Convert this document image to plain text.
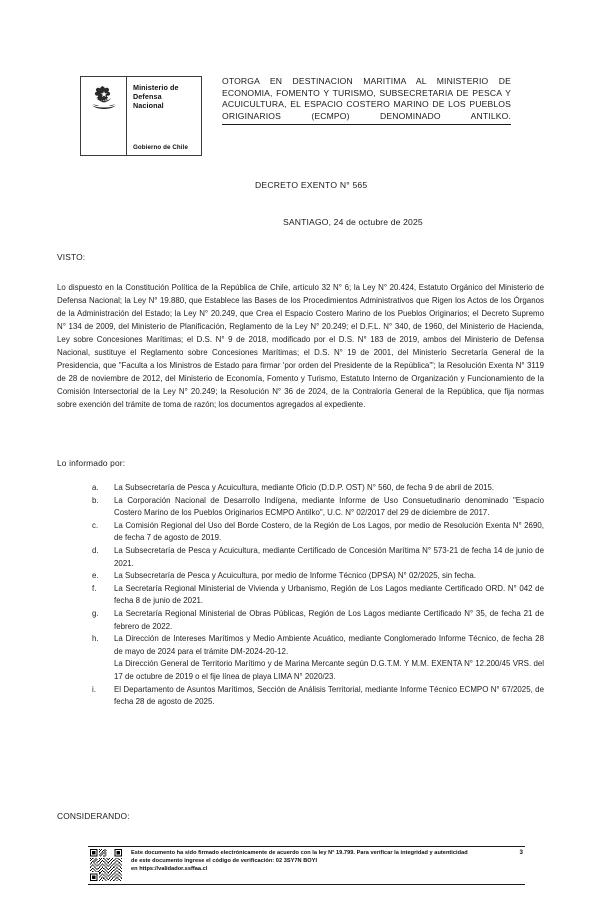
Ministerio de
Defensa
Nacional
Gobierno de Chile

OTORGA EN DESTINACION MARITIMA AL MINISTERIO DE ECONOMIA, FOMENTO Y TURISMO, SUBSECRETARIA DE PESCA Y ACUICULTURA, EL ESPACIO COSTERO MARINO DE LOS PUEBLOS ORIGINARIOS (ECMPO) DENOMINADO ANTILKO.

DECRETO EXENTO N° 565
SANTIAGO, 24 de octubre de 2025
VISTO:
Lo dispuesto en la Constitución Política de la República de Chile, artículo 32 N° 6; la Ley N° 20.424, Estatuto Orgánico del Ministerio de Defensa Nacional; la Ley N° 19.880, que Establece las Bases de los Procedimientos Administrativos que Rigen los Actos de los Órganos de la Administración del Estado; la Ley N° 20.249, que Crea el Espacio Costero Marino de los Pueblos Originarios; el Decreto Supremo N° 134 de 2009, del Ministerio de Planificación, Reglamento de la Ley N° 20.249; el D.F.L. N° 340, de 1960, del Ministerio de Hacienda, Ley sobre Concesiones Marítimas; el D.S. N° 9 de 2018, modificado por el D.S. N° 183 de 2019, ambos del Ministerio de Defensa Nacional, sustituye el Reglamento sobre Concesiones Marítimas; el D.S. N° 19 de 2001, del Ministerio Secretaría General de la Presidencia, que "Faculta a los Ministros de Estado para firmar 'por orden del Presidente de la República'"; la Resolución Exenta N° 3119 de 28 de noviembre de 2012, del Ministerio de Economía, Fomento y Turismo, Estatuto Interno de Organización y Funcionamiento de la Comisión Intersectorial de la Ley N° 20.249; la Resolución N° 36 de 2024, de la Contraloría General de la República, que fija normas sobre exención del trámite de toma de razón; los documentos agregados al expediente.
Lo informado por:
a.	La Subsecretaría de Pesca y Acuicultura, mediante Oficio (D.D.P. OST) N° 560, de fecha 9 de abril de 2015.
b.	La Corporación Nacional de Desarrollo Indígena, mediante Informe de Uso Consuetudinario denominado "Espacio Costero Marino de los Pueblos Originarios ECMPO Antilko", U.C. N° 02/2017 del 29 de diciembre de 2017.
c.	La Comisión Regional del Uso del Borde Costero, de la Región de Los Lagos, por medio de Resolución Exenta N° 2690, de fecha 7 de agosto de 2019.
d.	La Subsecretaría de Pesca y Acuicultura, mediante Certificado de Concesión Marítima N° 573-21 de fecha 14 de junio de 2021.
e.	La Subsecretaría de Pesca y Acuicultura, por medio de Informe Técnico (DPSA) N° 02/2025, sin fecha.
f.	La Secretaría Regional Ministerial de Vivienda y Urbanismo, Región de Los Lagos mediante Certificado ORD. N° 042 de fecha 8 de junio de 2021.
g.	La Secretaría Regional Ministerial de Obras Públicas, Región de Los Lagos mediante Certificado N° 35, de fecha 21 de febrero de 2022.
h.	La Dirección de Intereses Marítimos y Medio Ambiente Acuático, mediante Conglomerado Informe Técnico, de fecha 28 de mayo de 2024 para el trámite DM-2024-20-12.
La Dirección General de Territorio Marítimo y de Marina Mercante según D.G.T.M. Y M.M. EXENTA N° 12.200/45 VRS. del 17 de octubre de 2019 o el fije línea de playa LIMA N° 2020/23.
i.	El Departamento de Asuntos Marítimos, Sección de Análisis Territorial, mediante Informe Técnico ECMPO N° 67/2025, de fecha 28 de agosto de 2025.
CONSIDERANDO:
Este documento ha sido firmado electrónicamente de acuerdo con la ley N° 19.799. Para verificar la integridad y autenticidad
de este documento ingrese el código de verificación: 02 3SY7N BOYI
en https://validador.ssffaa.cl
3
